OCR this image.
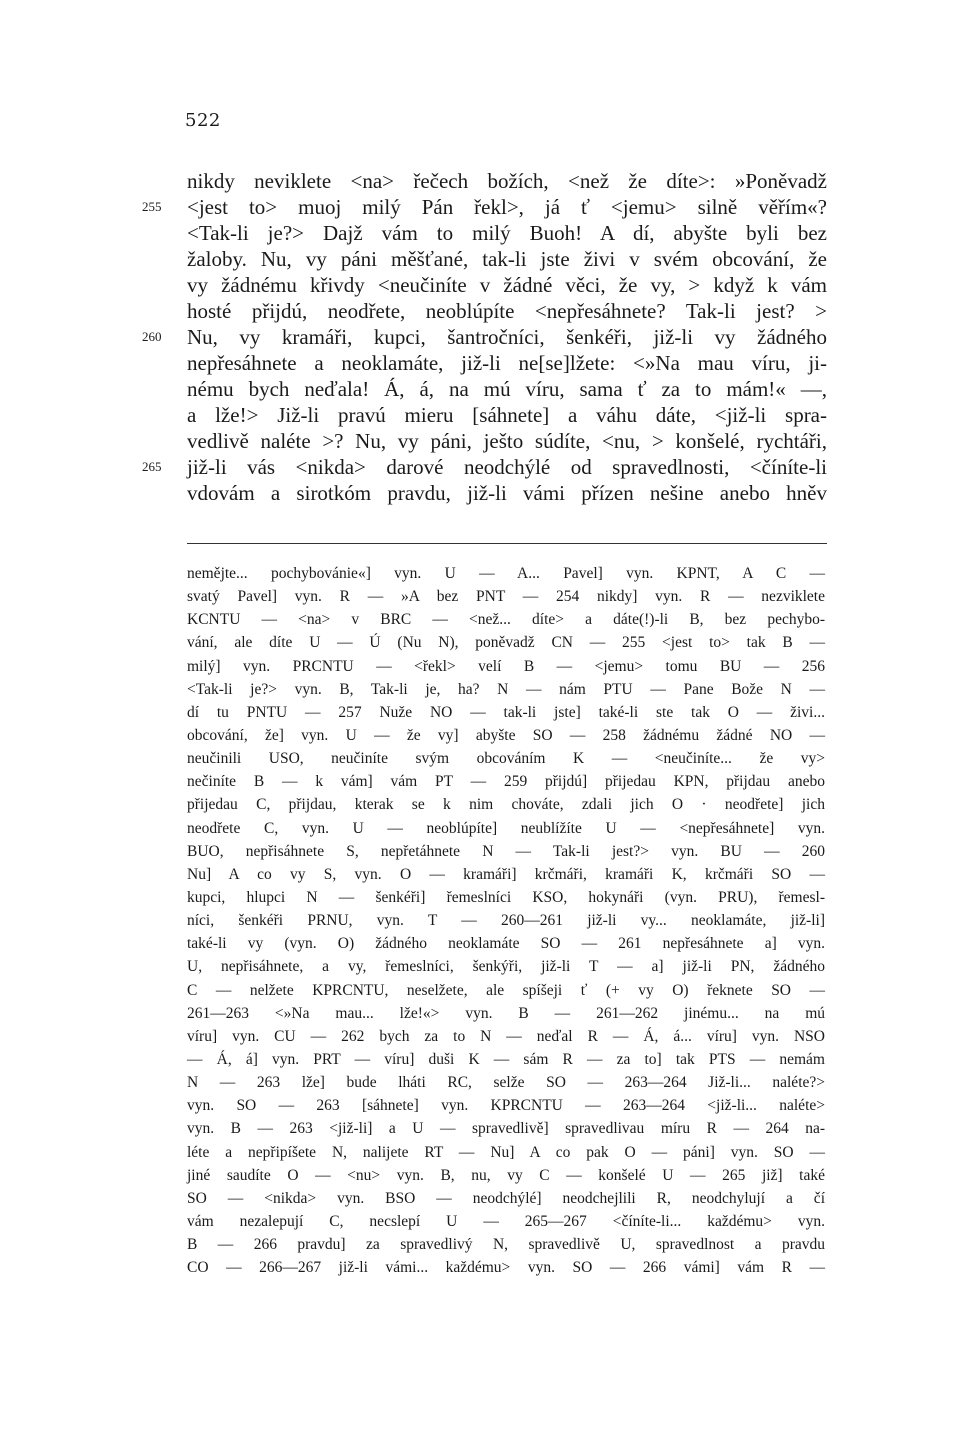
522
nikdy neviklete <na> řečech božích, <než že díte>: »Poněvadž
255	<jest to> muoj milý Pán řekl>, já ť <jemu> silně věřím«?
<Tak-li je?> Dajž vám to milý Buoh! A dí, abyšte byli bez
žaloby. Nu, vy páni měšťané, tak-li jste živi v svém obcování, že
vy žádnému křivdy <neučiníte v žádné věci, že vy, > když k vám
hosté přijdú, neodřete, neoblúpíte <nepřesáhnete? Tak-li jest? >
260	Nu, vy kramáři, kupci, šantročníci, šenkéři, již-li vy žádného
nepřesáhnete a neoklamáte, již-li ne[se]lžete: <»Na mau víru, ji-
nému bych neďala! Á, á, na mú víru, sama ť za to mám!« —,
a lže!> Již-li pravú mieru [sáhnete] a váhu dáte, <již-li spra-
vedlivě naléte >? Nu, vy páni, ješto súdíte, <nu, > konšelé, rychtáři,
265	již-li vás <nikda> darové neodchýlé od spravedlnosti, <číníte-li
vdovám a sirotkóm pravdu, již-li vámi přízen nešine anebo hněv
nemějte... pochybovánie«] vyn. U — A... Pavel] vyn. KPNT, A C —
svatý Pavel] vyn. R — »A bez PNT — 254 nikdy] vyn. R — nezviklete
KCNTU — <na> v BRC — <než... díte> a dáte(!)-li B, bez pechybo-
vání, ale díte U — Ú (Nu N), poněvadž CN — 255 <jest to> tak B —
milý] vyn. PRCNTU — <řekl> velí B — <jemu> tomu BU — 256
<Tak-li je?> vyn. B, Tak-li je, ha? N — nám PTU — Pane Bože N —
dí tu PNTU — 257 Nuže NO — tak-li jste] také-li ste tak O — živi...
obcování, že] vyn. U — že vy] abyšte SO — 258 žádnému žádné NO —
neučinili USO, neučiníte svým obcováním K — <neučiníte... že vy>
nečiníte B — k vám] vám PT — 259 přijdú] přijedau KPN, přijdau anebo
přijedau C, přijdau, kterak se k nim chováte, zdali jich O · neodřete] jich
neodřete C, vyn. U — neoblúpíte] neublížíte U — <nepřesáhnete] vyn.
BUO, nepřisáhnete S, nepřetáhnete N — Tak-li jest?> vyn. BU — 260
Nu] A co vy S, vyn. O — kramáři] krčmáři, kramáři K, krčmáři SO —
kupci, hlupci N — šenkéři] řemeslníci KSO, hokynáři (vyn. PRU), řemesl-
níci, šenkéři PRNU, vyn. T — 260—261 již-li vy... neoklamáte, již-li]
také-li vy (vyn. O) žádného neoklamáte SO — 261 nepřesáhnete a] vyn.
U, nepřisáhnete, a vy, řemeslníci, šenkýři, již-li T — a] již-li PN, žádného
C — nelžete KPRCNTU, neselžete, ale spíšeji ť (+ vy O) řeknete SO —
261—263 <»Na mau... lže!«> vyn. B — 261—262 jinému... na mú
víru] vyn. CU — 262 bych za to N — neďal R — Á, á... víru] vyn. NSO
— Á, á] vyn. PRT — víru] duši K — sám R — za to] tak PTS — nemám
N — 263 lže] bude lháti RC, selže SO — 263—264 Již-li... naléte?>
vyn. SO — 263 [sáhnete] vyn. KPRCNTU — 263—264 <již-li... naléte>
vyn. B — 263 <již-li] a U — spravedlivě] spravedlivau míru R — 264 na-
léte a nepřipíšete N, nalijete RT — Nu] A co pak O — páni] vyn. SO —
jiné saudíte O — <nu> vyn. B, nu, vy C — konšelé U — 265 již] také
SO — <nikda> vyn. BSO — neodchýlé] neodchejlili R, neodchylují a čí
vám nezalepují C, necslepí U — 265—267 <číníte-li... každému> vyn.
B — 266 pravdu] za spravedlivý N, spravedlivě U, spravedlnost a pravdu
CO — 266—267 již-li vámi... každému> vyn. SO — 266 vámi] vám R —
